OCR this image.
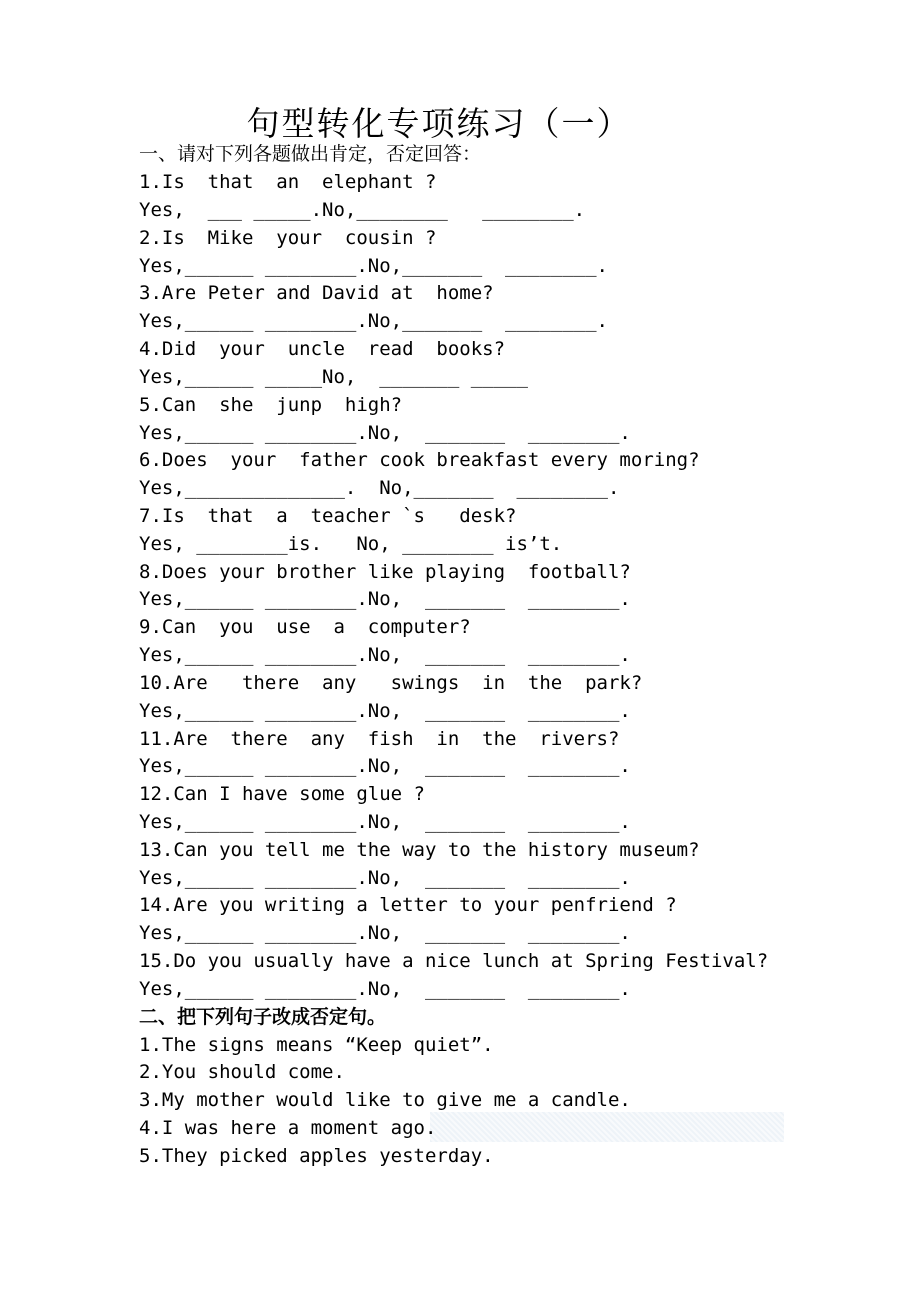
句型转化专项练习（一）
一、请对下列各题做出肯定，否定回答：
1.Is  that  an  elephant ?
Yes,  ___ _____.No,________   ________.
2.Is  Mike  your  cousin ?
Yes,______ ________.No,_______  ________.
3.Are Peter and David at  home?
Yes,______ ________.No,_______  ________.
4.Did  your  uncle  read  books?
Yes,______ _____No,  _______ _____
5.Can  she  junp  high?
Yes,______ ________.No,  _______  ________.
6.Does  your  father cook breakfast every moring?
Yes,______________.  No,_______  ________.
7.Is  that  a  teacher `s   desk?
Yes, ________is.   No, ________ is’t.
8.Does your brother like playing  football?
Yes,______ ________.No,  _______  ________.
9.Can  you  use  a  computer?
Yes,______ ________.No,  _______  ________.
10.Are   there  any   swings  in  the  park?
Yes,______ ________.No,  _______  ________.
11.Are  there  any  fish  in  the  rivers?
Yes,______ ________.No,  _______  ________.
12.Can I have some glue ?
Yes,______ ________.No,  _______  ________.
13.Can you tell me the way to the history museum?
Yes,______ ________.No,  _______  ________.
14.Are you writing a letter to your penfriend ?
Yes,______ ________.No,  _______  ________.
15.Do you usually have a nice lunch at Spring Festival?
Yes,______ ________.No,  _______  ________.
二、把下列句子改成否定句。
1.The signs means “Keep quiet”.
2.You should come.
3.My mother would like to give me a candle.
4.I was here a moment ago.
5.They picked apples yesterday.
